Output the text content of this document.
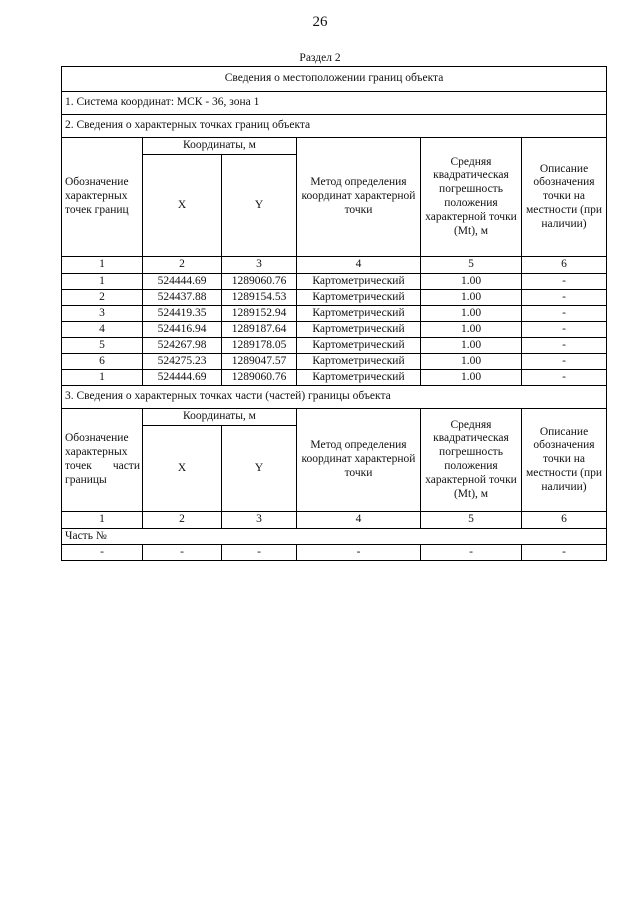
26
Раздел 2
Сведения о местоположении границ объекта					
1. Система координат: МСК - 36, зона 1					
2. Сведения о характерных точках границ объекта					
Обозначение характерных точек границ	Координаты, м		Метод определения координат характерной точки	Средняя квадратическая погрешность положения характерной точки (Mt), м	Описание обозначения точки на местности (при наличии)
	X	Y			
1	2	3	4	5	6
1	524444.69	1289060.76	Картометрический	1.00	-
2	524437.88	1289154.53	Картометрический	1.00	-
3	524419.35	1289152.94	Картометрический	1.00	-
4	524416.94	1289187.64	Картометрический	1.00	-
5	524267.98	1289178.05	Картометрический	1.00	-
6	524275.23	1289047.57	Картометрический	1.00	-
1	524444.69	1289060.76	Картометрический	1.00	-
3. Сведения о характерных точках части (частей) границы объекта					
Обозначение
характерных

точек части
границы	Координаты, м		Метод определения координат характерной точки	Средняя квадратическая погрешность положения характерной точки (Mt), м	Описание обозначения точки на местности (при наличии)
	X	Y			
1	2	3	4	5	6
Часть №					
-	-	-	-	-	-
